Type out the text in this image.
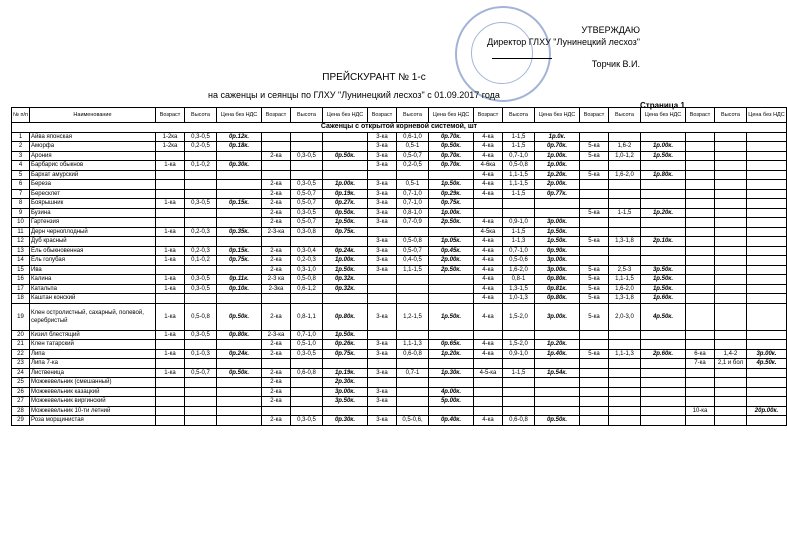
УТВЕРЖДАЮ
Директор ГЛХУ "Лунинецкий лесхоз"
Торчик В.И.
ПРЕЙСКУРАНТ № 1-с
на саженцы и сеянцы по ГЛХУ "Лунинецкий лесхоз" с 01.09.2017 года
Страница 1
№ п/п	Наименование	Возраст	Высота	Цена без НДС	Возраст	Высота	Цена без НДС	Возраст	Высота	Цена без НДС	Возраст	Высота	Цена без НДС	Возраст	Высота	Цена без НДС	Возраст	Высота	Цена без НДС
Саженцы с открытой корневой системой, шт																			
1	Айва японская	1-2ка	0,3-0,5	0р.12к.				3-ка	0,6-1,0	0р.70к.	4-ка	1-1,5	1р.0к.						
2	Аморфа	1-2ка	0,2-0,5	0р.18к.				3-ка	0,5-1	0р.50к.	4-ка	1-1,5	0р.70к.	5-ка	1,6-2	1р.00к.			
3	Арония				2-ка	0,3-0,5	0р.50к.	3-ка	0,5-0,7	0р.70к.	4-ка	0,7-1,0	1р.00к.	5-ка	1,0-1,2	1р.50к.			
4	Барбарис обыкнов	1-ка	0,1-0,2	0р.30к.				3-ка	0,2-0,5	0р.70к.	4-6ка	0,5-0,8	1р.00к.						
5	Бархат амурский										4-ка	1,1-1,5	1р.20к.	5-ка	1,6-2,0	1р.80к.			
6	Береза				2-ка	0,3-0,5	1р.00к.	3-ка	0,5-1	1р.50к.	4-ка	1,1-1,5	2р.00к.						
7	Бересклет				2-ка	0,5-0,7	0р.19к.	3-ка	0,7-1,0	0р.29к.	4-ка	1-1,5	0р.77к.						
8	Боярышник	1-ка	0,3-0,5	0р.15к.	2-ка	0,5-0,7	0р.27к.	3-ка	0,7-1,0	0р.75к.									
9	Бузина				2-ка	0,3-0,5	0р.50к.	3-ка	0,8-1,0	1р.00к.				5-ка	1-1,5	1р.20к.			
10	Гартензия				2-ка	0,5-0,7	1р.50к.	3-ка	0,7-0,9	2р.50к.	4-ка	0,9-1,0	3р.00к.						
11	Дерн черноплодный	1-ка	0,2-0,3	0р.35к.	2-3-ка	0,3-0,8	0р.75к.				4-5ка	1-1,5	1р.50к.						
12	Дуб красный							3-ка	0,5-0,8	1р.05к.	4-ка	1-1,3	1р.50к.	5-ка	1,3-1,8	2р.10к.			
13	Ель обыкновенная	1-ка	0,2-0,3	0р.15к.	2-ка	0,3-0,4	0р.24к.	3-ка	0,5-0,7	0р.45к.	4-ка	0,7-1,0	0р.90к.						
14	Ель голубая	1-ка	0,1-0,2	0р.75к.	2-ка	0,2-0,3	1р.00к.	3-ка	0,4-0,5	2р.00к.	4-ка	0,5-0,6	3р.00к.						
15	Ива				2-ка	0,3-1,0	1р.50к.	3-ка	1,1-1,5	2р.50к.	4-ка	1,6-2,0	3р.00к.	5-ка	2,5-3	3р.50к.			
16	Калина	1-ка	0,3-0,5	0р.11к.	2-3 ка	0,5-0,8	0р.32к.				4-ка	0,8-1	0р.80к.	5-ка	1,1-1,5	1р.50к.			
17	Катальпа	1-ка	0,3-0,5	0р.10к.	2-3ка	0,6-1,2	0р.32к.				4-ка	1,3-1,5	0р.81к.	5-ка	1,6-2,0	1р.50к.			
18	Каштан конский										4-ка	1,0-1,3	0р.80к.	5-ка	1,3-1,8	1р.60к.			
19	Клен остролистный, сахарный, полевой, серебристый	1-ка	0,5-0,8	0р.50к.	2-ка	0,8-1,1	0р.80к.	3-ка	1,2-1,5	1р.50к.	4-ка	1,5-2,0	3р.00к.	5-ка	2,0-3,0	4р.50к.			
20	Кизил блестящий	1-ка	0,3-0,5	0р.80к.	2-3-ка	0,7-1,0	1р.50к.												
21	Клен татарский				2-ка	0,5-1,0	0р.26к.	3-ка	1,1-1,3	0р.65к.	4-ка	1,5-2,0	1р.20к.						
22	Липа	1-ка	0,1-0,3	0р.24к.	2-ка	0,3-0,5	0р.75к.	3-ка	0,6-0,8	1р.20к.	4-ка	0,9-1,0	1р.40к.	5-ка	1,1-1,3	2р.60к.	6-ка	1,4-2	3р.00к.
23	Липа 7-ка																7-ка	2,1 и бол	4р.50к.
24	Лиственица	1-ка	0,5-0,7	0р.50к.	2-ка	0,6-0,8	1р.19к.	3-ка	0,7-1	1р.30к.	4-5-ка	1-1,5	1р.54к.						
25	Можжевельник (смешанный)				2-ка		2р.30к.												
26	Можжевельник казацкий				2-ка		3р.00к.	3-ка		4р.00к.									
27	Можжевельник виргинский				2-ка		3р.50к.	3-ка		5р.00к.									
28	Можжевельник 10-ти летний																10-ка		20р.00к.
29	Роза морщинистая				2-ка	0,3-0,5	0р.30к.	3-ка	0,5-0,6,	0р.40к.	4-ка	0,6-0,8	0р.50к.						
